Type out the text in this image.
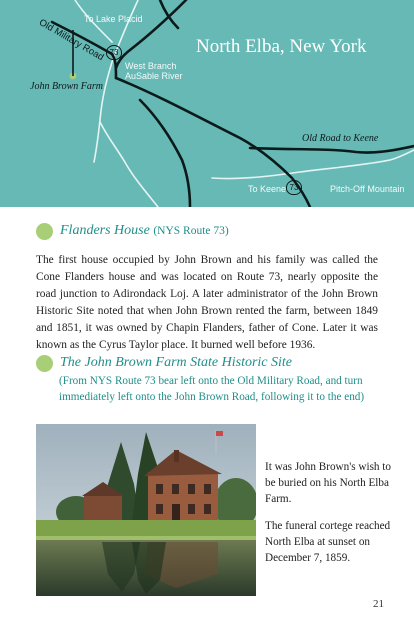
North Elba, New York
Old Military Road
To Lake Placid
West Branch
AuSable River
John Brown Farm
Old Road to Keene
To Keene	Pitch-Off Mountain
73
73
Flanders House (NYS Route 73)
The first house occupied by John Brown and his family was called the Cone Flanders house and was located on Route 73, nearly opposite the road junction to Adirondack Loj. A later administrator of the John Brown Historic Site noted that when John Brown rented the farm, between 1849 and 1851, it was owned by Chapin Flanders, father of Cone. Later it was known as the Cyrus Taylor place. It burned well before 1936.
The John Brown Farm State Historic Site
(From NYS Route 73 bear left onto the Old Military Road, and turn
immediately left onto the John Brown Road, following it to the end)
It was John Brown's wish to be buried on his North Elba Farm.
The funeral cortege reached North Elba at sunset on December 7, 1859.
21
